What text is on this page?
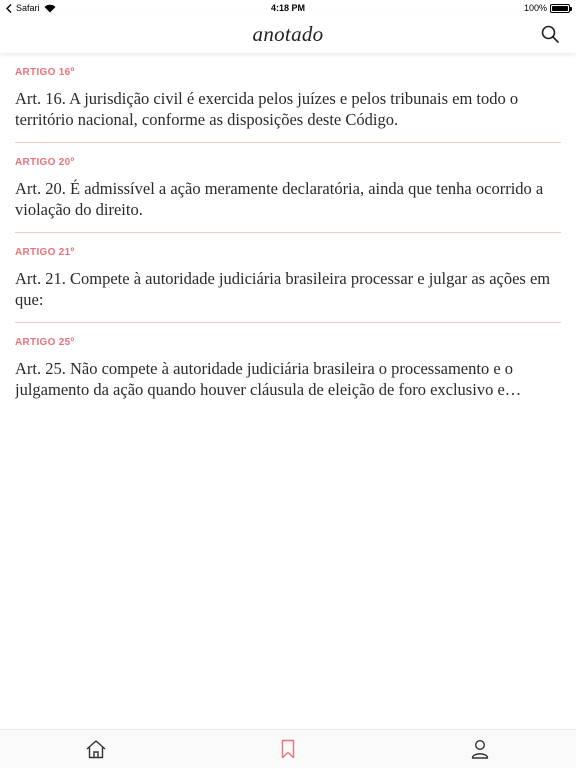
Safari	4:18 PM	100%
anotado
ARTIGO 16º
Art. 16. A jurisdição civil é exercida pelos juízes e pelos tribunais em todo o território nacional, conforme as disposições deste Código.
ARTIGO 20º
Art. 20. É admissível a ação meramente declaratória, ainda que tenha ocorrido a violação do direito.
ARTIGO 21º
Art. 21. Compete à autoridade judiciária brasileira processar e julgar as ações em que:
ARTIGO 25º
Art. 25. Não compete à autoridade judiciária brasileira o processamento e o julgamento da ação quando houver cláusula de eleição de foro exclusivo e…
